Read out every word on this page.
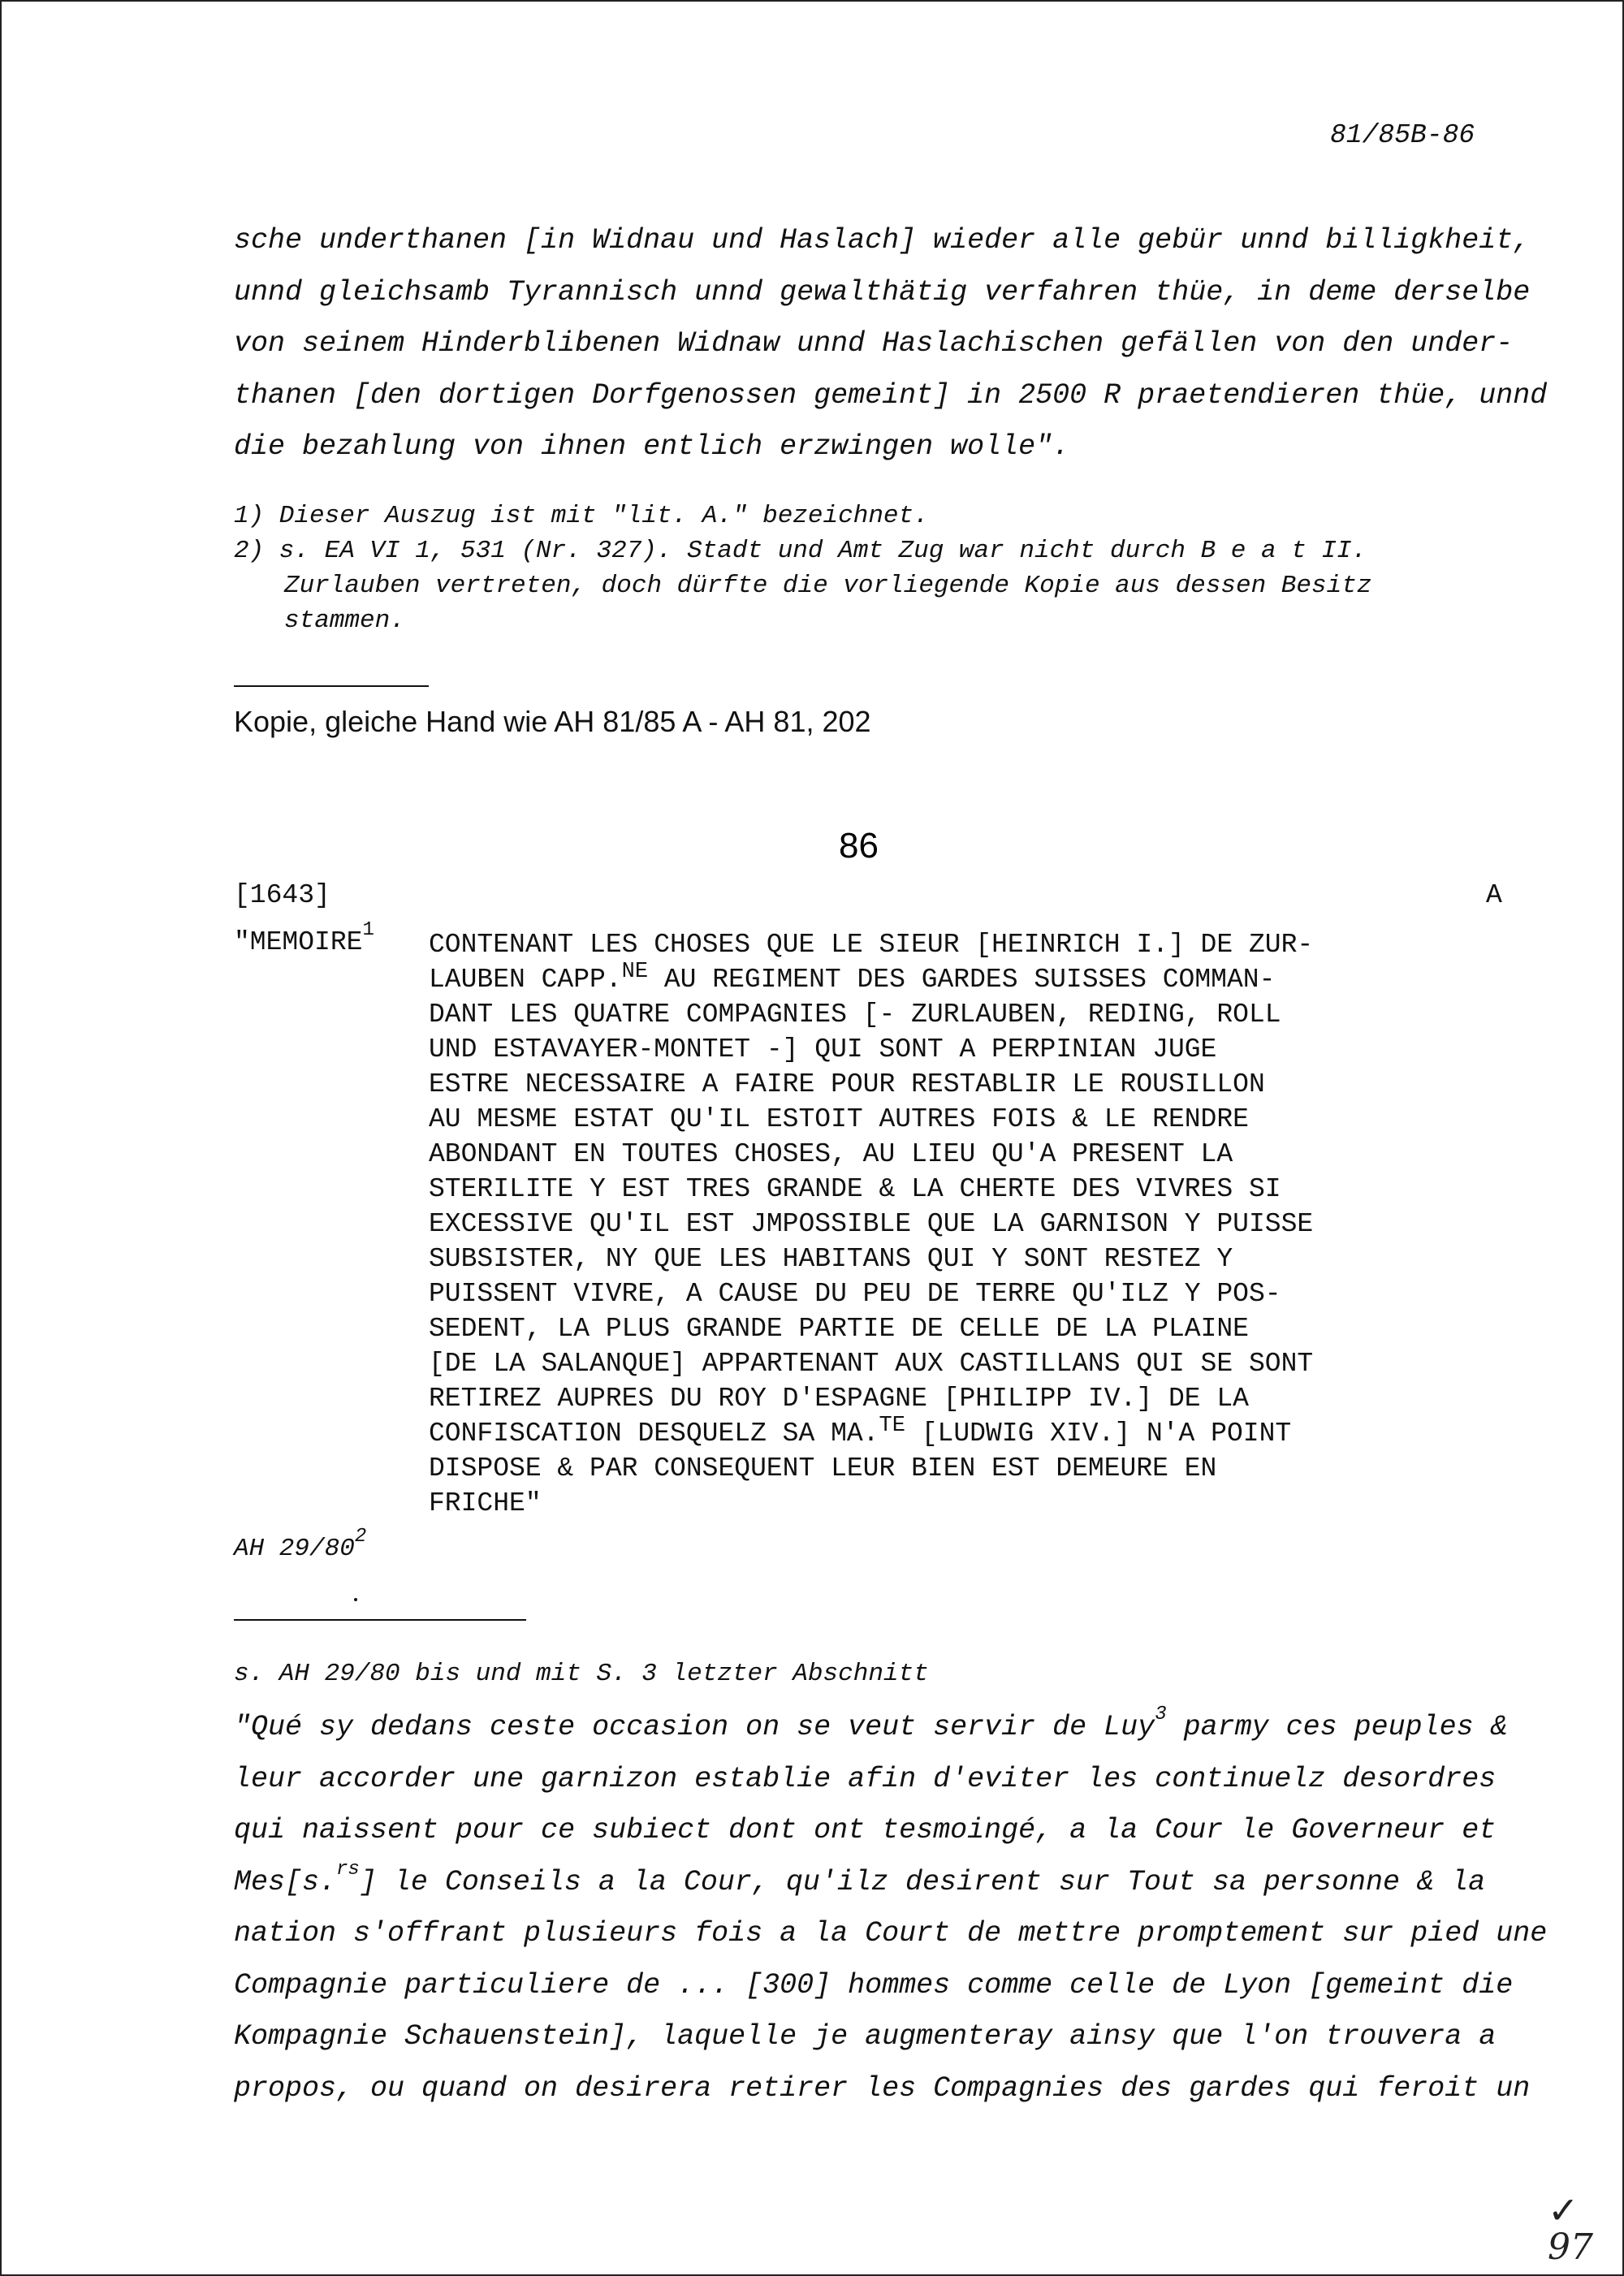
81/85B-86
sche underthanen [in Widnau und Haslach] wieder alle gebür unnd billigkheit,
unnd gleichsamb Tyrannisch unnd gewalthätig verfahren thüe, in deme derselbe
von seinem Hinderblibenen Widnaw unnd Haslachischen gefällen von den under-
thanen [den dortigen Dorfgenossen gemeint] in 2500 R praetendieren thüe, unnd
die bezahlung von ihnen entlich erzwingen wolle".
1) Dieser Auszug ist mit "lit. A." bezeichnet.
2) s. EA VI 1, 531 (Nr. 327). Stadt und Amt Zug war nicht durch B e a t II.
Zurlauben vertreten, doch dürfte die vorliegende Kopie aus dessen Besitz
stammen.
Kopie, gleiche Hand wie AH 81/85 A - AH 81, 202
86
[1643]	A
"MEMOIRE$^1$ CONTENANT LES CHOSES QUE LE SIEUR [HEINRICH I.] DE ZUR-
LAUBEN CAPP.$^{NE}$ AU REGIMENT DES GARDES SUISSES COMMAN-
DANT LES QUATRE COMPAGNIES [- ZURLAUBEN, REDING, ROLL
UND ESTAVAYER-MONTET -] QUI SONT A PERPINIAN JUGE
ESTRE NECESSAIRE A FAIRE POUR RESTABLIR LE ROUSILLON
AU MESME ESTAT QU'IL ESTOIT AUTRES FOIS & LE RENDRE
ABONDANT EN TOUTES CHOSES, AU LIEU QU'A PRESENT LA
STERILITE Y EST TRES GRANDE & LA CHERTE DES VIVRES SI
EXCESSIVE QU'IL EST JMPOSSIBLE QUE LA GARNISON Y PUISSE
SUBSISTER, NY QUE LES HABITANS QUI Y SONT RESTEZ Y
PUISSENT VIVRE, A CAUSE DU PEU DE TERRE QU'ILZ Y POS-
SEDENT, LA PLUS GRANDE PARTIE DE CELLE DE LA PLAINE
[DE LA SALANQUE] APPARTENANT AUX CASTILLANS QUI SE SONT
RETIREZ AUPRES DU ROY D'ESPAGNE [PHILIPP IV.] DE LA
CONFISCATION DESQUELZ SA MA.$^{TE}$ [LUDWIG XIV.] N'A POINT
DISPOSE & PAR CONSEQUENT LEUR BIEN EST DEMEURE EN
FRICHE"
AH $29/80^2$
s. AH 29/80 bis und mit S. 3 letzter Abschnitt
"Qué sy dedans ceste occasion on se veut servir de Luy$^3$ parmy ces peuples &
leur accorder une garnizon establie afin d'eviter les continuelz desordres
qui naissent pour ce subiect dont ont tesmoingé, a la Cour le Governeur et
Mes[s.$^{rs}$] le Conseils a la Cour, qu'ilz desirent sur Tout sa personne & la
nation s'offrant plusieurs fois a la Court de mettre promptement sur pied une
Compagnie particuliere de ... [300] hommes comme celle de Lyon [gemeint die
Kompagnie Schauenstein], laquelle je augmenteray ainsy que l'on trouvera a
propos, ou quand on desirera retirer les Compagnies des gardes qui feroit un
✓
97
